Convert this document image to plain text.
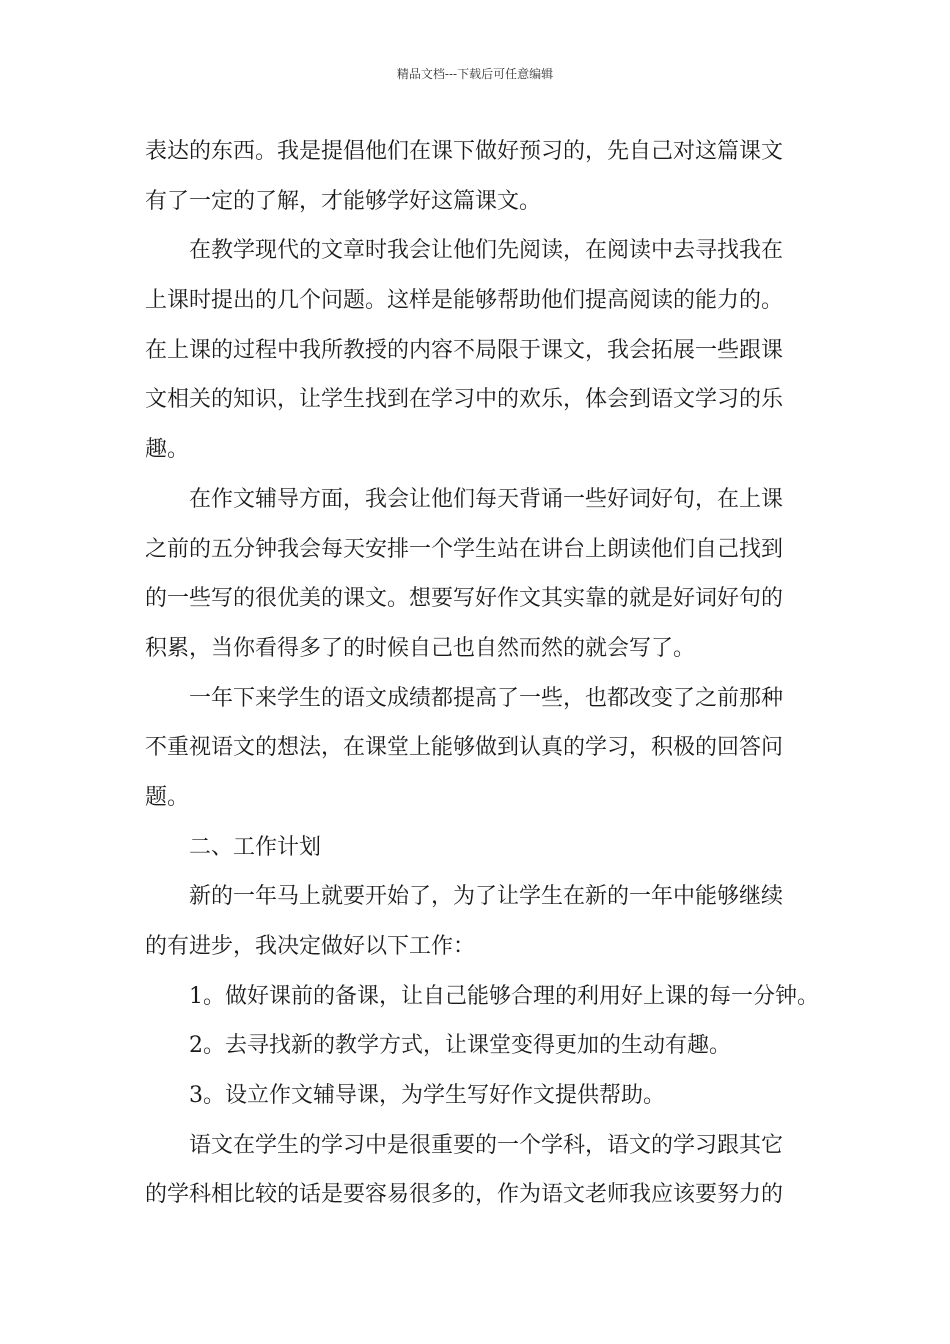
精品文档---下载后可任意编辑
表达的东西。我是提倡他们在课下做好预习的，先自己对这篇课文
有了一定的了解，才能够学好这篇课文。
在教学现代的文章时我会让他们先阅读，在阅读中去寻找我在
上课时提出的几个问题。这样是能够帮助他们提高阅读的能力的。
在上课的过程中我所教授的内容不局限于课文，我会拓展一些跟课
文相关的知识，让学生找到在学习中的欢乐，体会到语文学习的乐
趣。
在作文辅导方面，我会让他们每天背诵一些好词好句，在上课
之前的五分钟我会每天安排一个学生站在讲台上朗读他们自己找到
的一些写的很优美的课文。想要写好作文其实靠的就是好词好句的
积累，当你看得多了的时候自己也自然而然的就会写了。
一年下来学生的语文成绩都提高了一些，也都改变了之前那种
不重视语文的想法，在课堂上能够做到认真的学习，积极的回答问
题。
二、工作计划
新的一年马上就要开始了，为了让学生在新的一年中能够继续
的有进步，我决定做好以下工作：
1。做好课前的备课，让自己能够合理的利用好上课的每一分钟。
2。去寻找新的教学方式，让课堂变得更加的生动有趣。
3。设立作文辅导课，为学生写好作文提供帮助。
语文在学生的学习中是很重要的一个学科，语文的学习跟其它
的学科相比较的话是要容易很多的，作为语文老师我应该要努力的
